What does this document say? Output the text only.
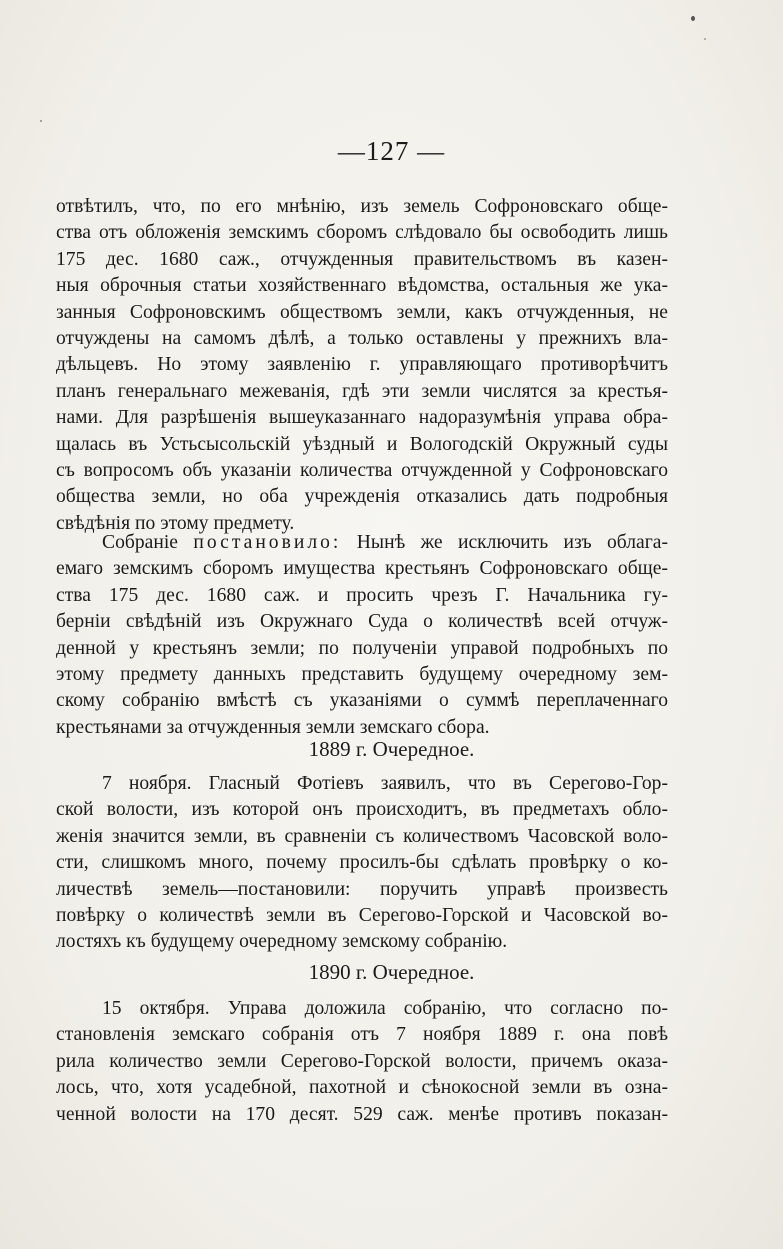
—127 —
отвѣтилъ, что, по его мнѣнію, изъ земель Софроновскаго обще-
ства отъ обложенія земскимъ сборомъ слѣдовало бы освободить лишь
175 дес. 1680 саж., отчужденныя правительствомъ въ казен-
ныя оброчныя статьи хозяйственнаго вѣдомства, остальныя же ука-
занныя Софроновскимъ обществомъ земли, какъ отчужденныя, не
отчуждены на самомъ дѣлѣ, а только оставлены у прежнихъ вла-
дѣльцевъ. Но этому заявленію г. управляющаго противорѣчитъ
планъ генеральнаго межеванія, гдѣ эти земли числятся за крестья-
нами. Для разрѣшенія вышеуказаннаго надоразумѣнія управа обра-
щалась въ Устьсысольскій уѣздный и Вологодскій Окружный суды
съ вопросомъ объ указаніи количества отчужденной у Софроновскаго
общества земли, но оба учрежденія отказались дать подробныя
свѣдѣнія по этому предмету.
Собраніе постановило: Нынѣ же исключить изъ облага-
емаго земскимъ сборомъ имущества крестьянъ Софроновскаго обще-
ства 175 дес. 1680 саж. и просить чрезъ Г. Начальника гу-
берніи свѣдѣній изъ Окружнаго Суда о количествѣ всей отчуж-
денной у крестьянъ земли; по полученіи управой подробныхъ по
этому предмету данныхъ представить будущему очередному зем-
скому собранію вмѣстѣ съ указаніями о суммѣ переплаченнаго
крестьянами за отчужденныя земли земскаго сбора.
1889 г. Очередное.
7 ноября. Гласный Фотіевъ заявилъ, что въ Серегово-Гор-
ской волости, изъ которой онъ происходитъ, въ предметахъ обло-
женія значится земли, въ сравненіи съ количествомъ Часовской воло-
сти, слишкомъ много, почему просилъ-бы сдѣлать провѣрку о ко-
личествѣ земель—постановили: поручить управѣ произвесть
повѣрку о количествѣ земли въ Серегово-Горской и Часовской во-
лостяхъ къ будущему очередному земскому собранію.
1890 г. Очередное.
15 октября. Управа доложила собранію, что согласно по-
становленія земскаго собранія отъ 7 ноября 1889 г. она повѣ
рила количество земли Серегово-Горской волости, причемъ оказа-
лось, что, хотя усадебной, пахотной и сѣнокосной земли въ озна-
ченной волости на 170 десят. 529 саж. менѣе противъ показан-
